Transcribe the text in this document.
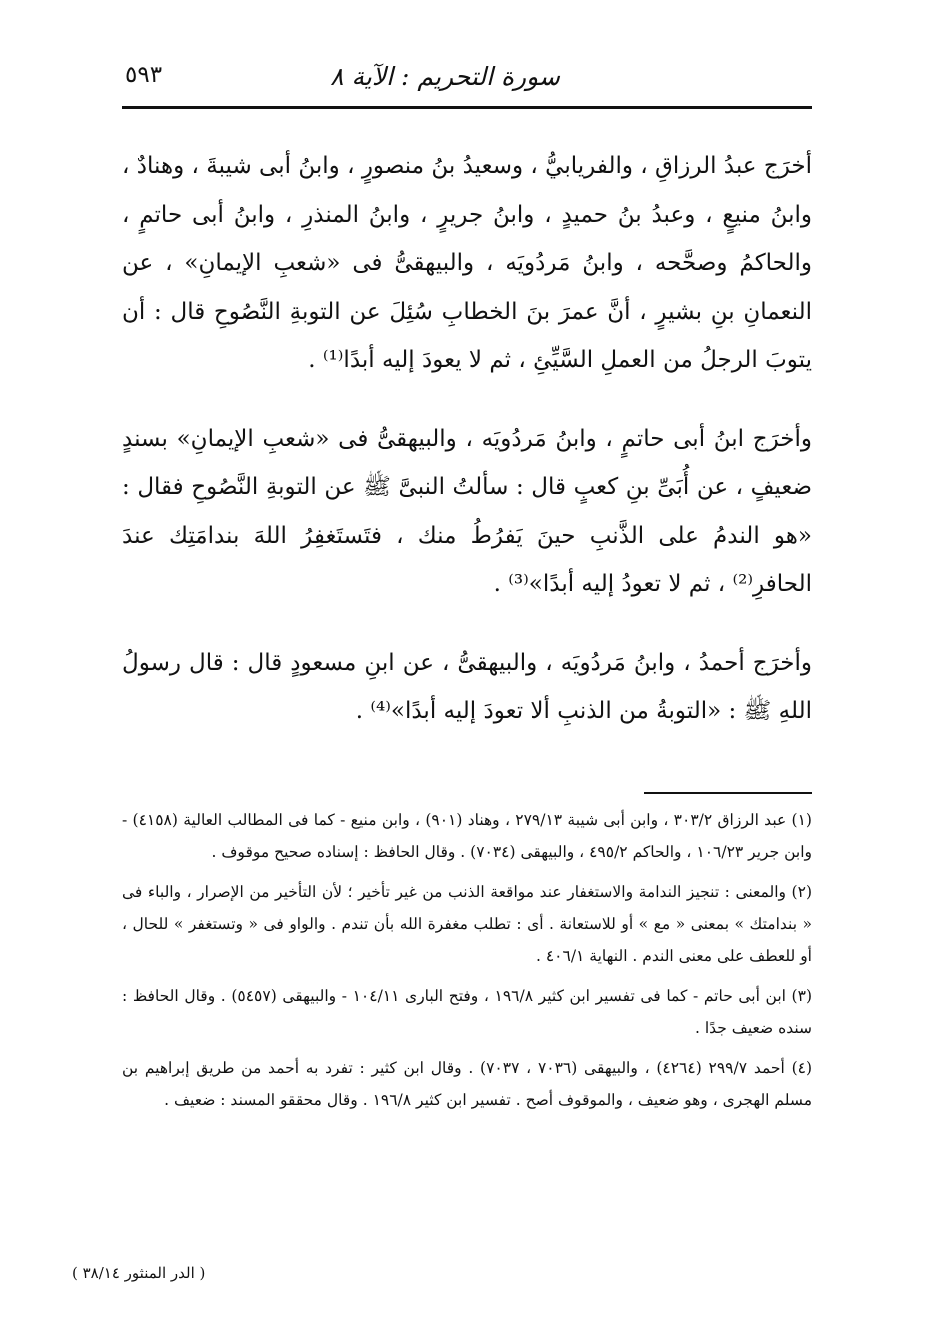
سورة التحريم : الآية ٨
٥٩٣

أخرَج عبدُ الرزاقِ ، والفريابيُّ ، وسعيدُ بنُ منصورٍ ، وابنُ أبى شيبةَ ، وهنادٌ ، وابنُ منيعٍ ، وعبدُ بنُ حميدٍ ، وابنُ جريرٍ ، وابنُ المنذرِ ، وابنُ أبى حاتمٍ ، والحاكمُ وصحَّحه ، وابنُ مَردُويَه ، والبيهقىُّ فى «شعبِ الإيمانِ» ، عن النعمانِ بنِ بشيرٍ ، أنَّ عمرَ بنَ الخطابِ سُئِلَ عن التوبةِ النَّصُوحِ قال : أن يتوبَ الرجلُ من العملِ السَّيِّئِ ، ثم لا يعودَ إليه أبدًا⁽¹⁾ .

وأخرَج ابنُ أبى حاتمٍ ، وابنُ مَردُويَه ، والبيهقىُّ فى «شعبِ الإيمانِ» بسندٍ ضعيفٍ ، عن أُبَىِّ بنِ كعبٍ قال : سألتُ النبىَّ ﷺ عن التوبةِ النَّصُوحِ فقال : «هو الندمُ على الذَّنبِ حينَ يَفرُطُ منك ، فتَستَغفِرُ اللهَ بندامَتِك عندَ الحافرِ⁽²⁾ ، ثم لا تعودُ إليه أبدًا»⁽³⁾ .

وأخرَج أحمدُ ، وابنُ مَردُويَه ، والبيهقىُّ ، عن ابنِ مسعودٍ قال : قال رسولُ اللهِ ﷺ : «التوبةُ من الذنبِ ألا تعودَ إليه أبدًا»⁽⁴⁾ .

(١) عبد الرزاق ٣٠٣/٢ ، وابن أبى شيبة ٢٧٩/١٣ ، وهناد (٩٠١) ، وابن منيع - كما فى المطالب العالية (٤١٥٨) - وابن جرير ١٠٦/٢٣ ، والحاكم ٤٩٥/٢ ، والبيهقى (٧٠٣٤) . وقال الحافظ : إسناده صحيح موقوف .

(٢) والمعنى : تنجيز الندامة والاستغفار عند مواقعة الذنب من غير تأخير ؛ لأن التأخير من الإصرار ، والباء فى « بندامتك » بمعنى « مع » أو للاستعانة . أى : تطلب مغفرة الله بأن تندم . والواو فى « وتستغفر » للحال ، أو للعطف على معنى الندم . النهاية ٤٠٦/١ .

(٣) ابن أبى حاتم - كما فى تفسير ابن كثير ١٩٦/٨ ، وفتح البارى ١٠٤/١١ - والبيهقى (٥٤٥٧) . وقال الحافظ : سنده ضعيف جدًا .

(٤) أحمد ٢٩٩/٧ (٤٢٦٤) ، والبيهقى (٧٠٣٦ ، ٧٠٣٧) . وقال ابن كثير : تفرد به أحمد من طريق إبراهيم بن مسلم الهجرى ، وهو ضعيف ، والموقوف أصح . تفسير ابن كثير ١٩٦/٨ . وقال محققو المسند : ضعيف .

( الدر المنثور ٣٨/١٤ )
